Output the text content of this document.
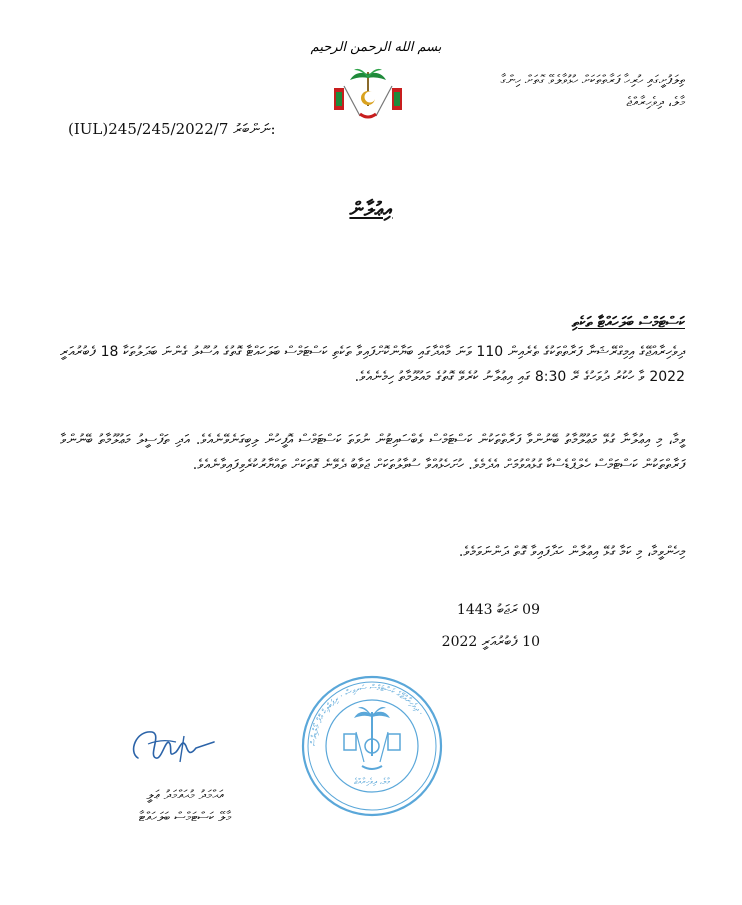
بسم الله الرحمن الرحيم
ތިލަފުށީގައި ހުރިހާ ފަރާތްތަކަށް ހުޅުވާލެވޭ ގޮތަށް ހިންގާ
މާލެ، ދިވެހިރާއްޖެ
(IUL)245/245/2022/7 ނަންބަރު:
އިޢުލާން
ކަސްޓަމްސް ބަލަހައްޓާ ތަކެތި
ދިވެހިރާއްޖޭގެ އިމިގްރޭޝަނާ ފަރާތްތަކުގެ ތެރެއިން 110 ވަނަ މާއްދާގައި ބަޔާންކޮށްފައިވާ ތަކެތި ކަސްޓަމްސް ބަލަހައްޓާ ގޮތުގެ އުސޫލު ގެންނަ ބަދަލުތަކާ 18 ފެބުރުއަރީ 2022 ވާ ހުކުރު ދުވަހުގެ ރޭ 8:30 ގައި އިޢުލާނު ކުރެވޭ ގޮތުގެ މައުލޫމާތު ހިމެނެއެވެ.
ވީމާ، މި އިޢުލާނާ ގުޅޭ މަޢުލޫމާތު ބޭނުންވާ ފަރާތްތަކުން ކަސްޓަމްސް ވެބްސައިޓުން ނުވަތަ ކަސްޓަމްސް އޮފީހުން ލިބިގަނެވޭނެއެވެ. އަދި ތަފްސީލު މަޢުލޫމާތު ބޭނުންވާ ފަރާތްތަކުން ކަސްޓަމްސް ހެލްޕްޑެސްކާ ގުޅުއްވުމަށް އެދެމެވެ. ހުށަހެޅުއްވާ ސުވާލުތަކަށް ޖަވާބު ދެވޭނެ ގޮތަކަށް ތައްޔާރުކުރެވިފައިވާނެއެވެ.
މިހެންވީމާ، މި ކަމާ ގުޅޭ އިޢުލާން ހަދާފައިވާ ގޮތް ދަންނަވަމެވެ.
09 ރަޖަބު 1443
10 ފެބުރުއަރީ 2022
ދިވެހިރާއްޖޭގެ ކަސްޓަމްސް ސަރވިސް · ރިޕަބްލިކް އޮފް މޯލްޑިވްސް ·
މާލެ، ދިވެހިރާއްޖެ
އަޙްމަދު މުޙައްމަދު ޢަލީ
މާލޭ ކަސްޓަމްސް ބަލަހައްޓާ
